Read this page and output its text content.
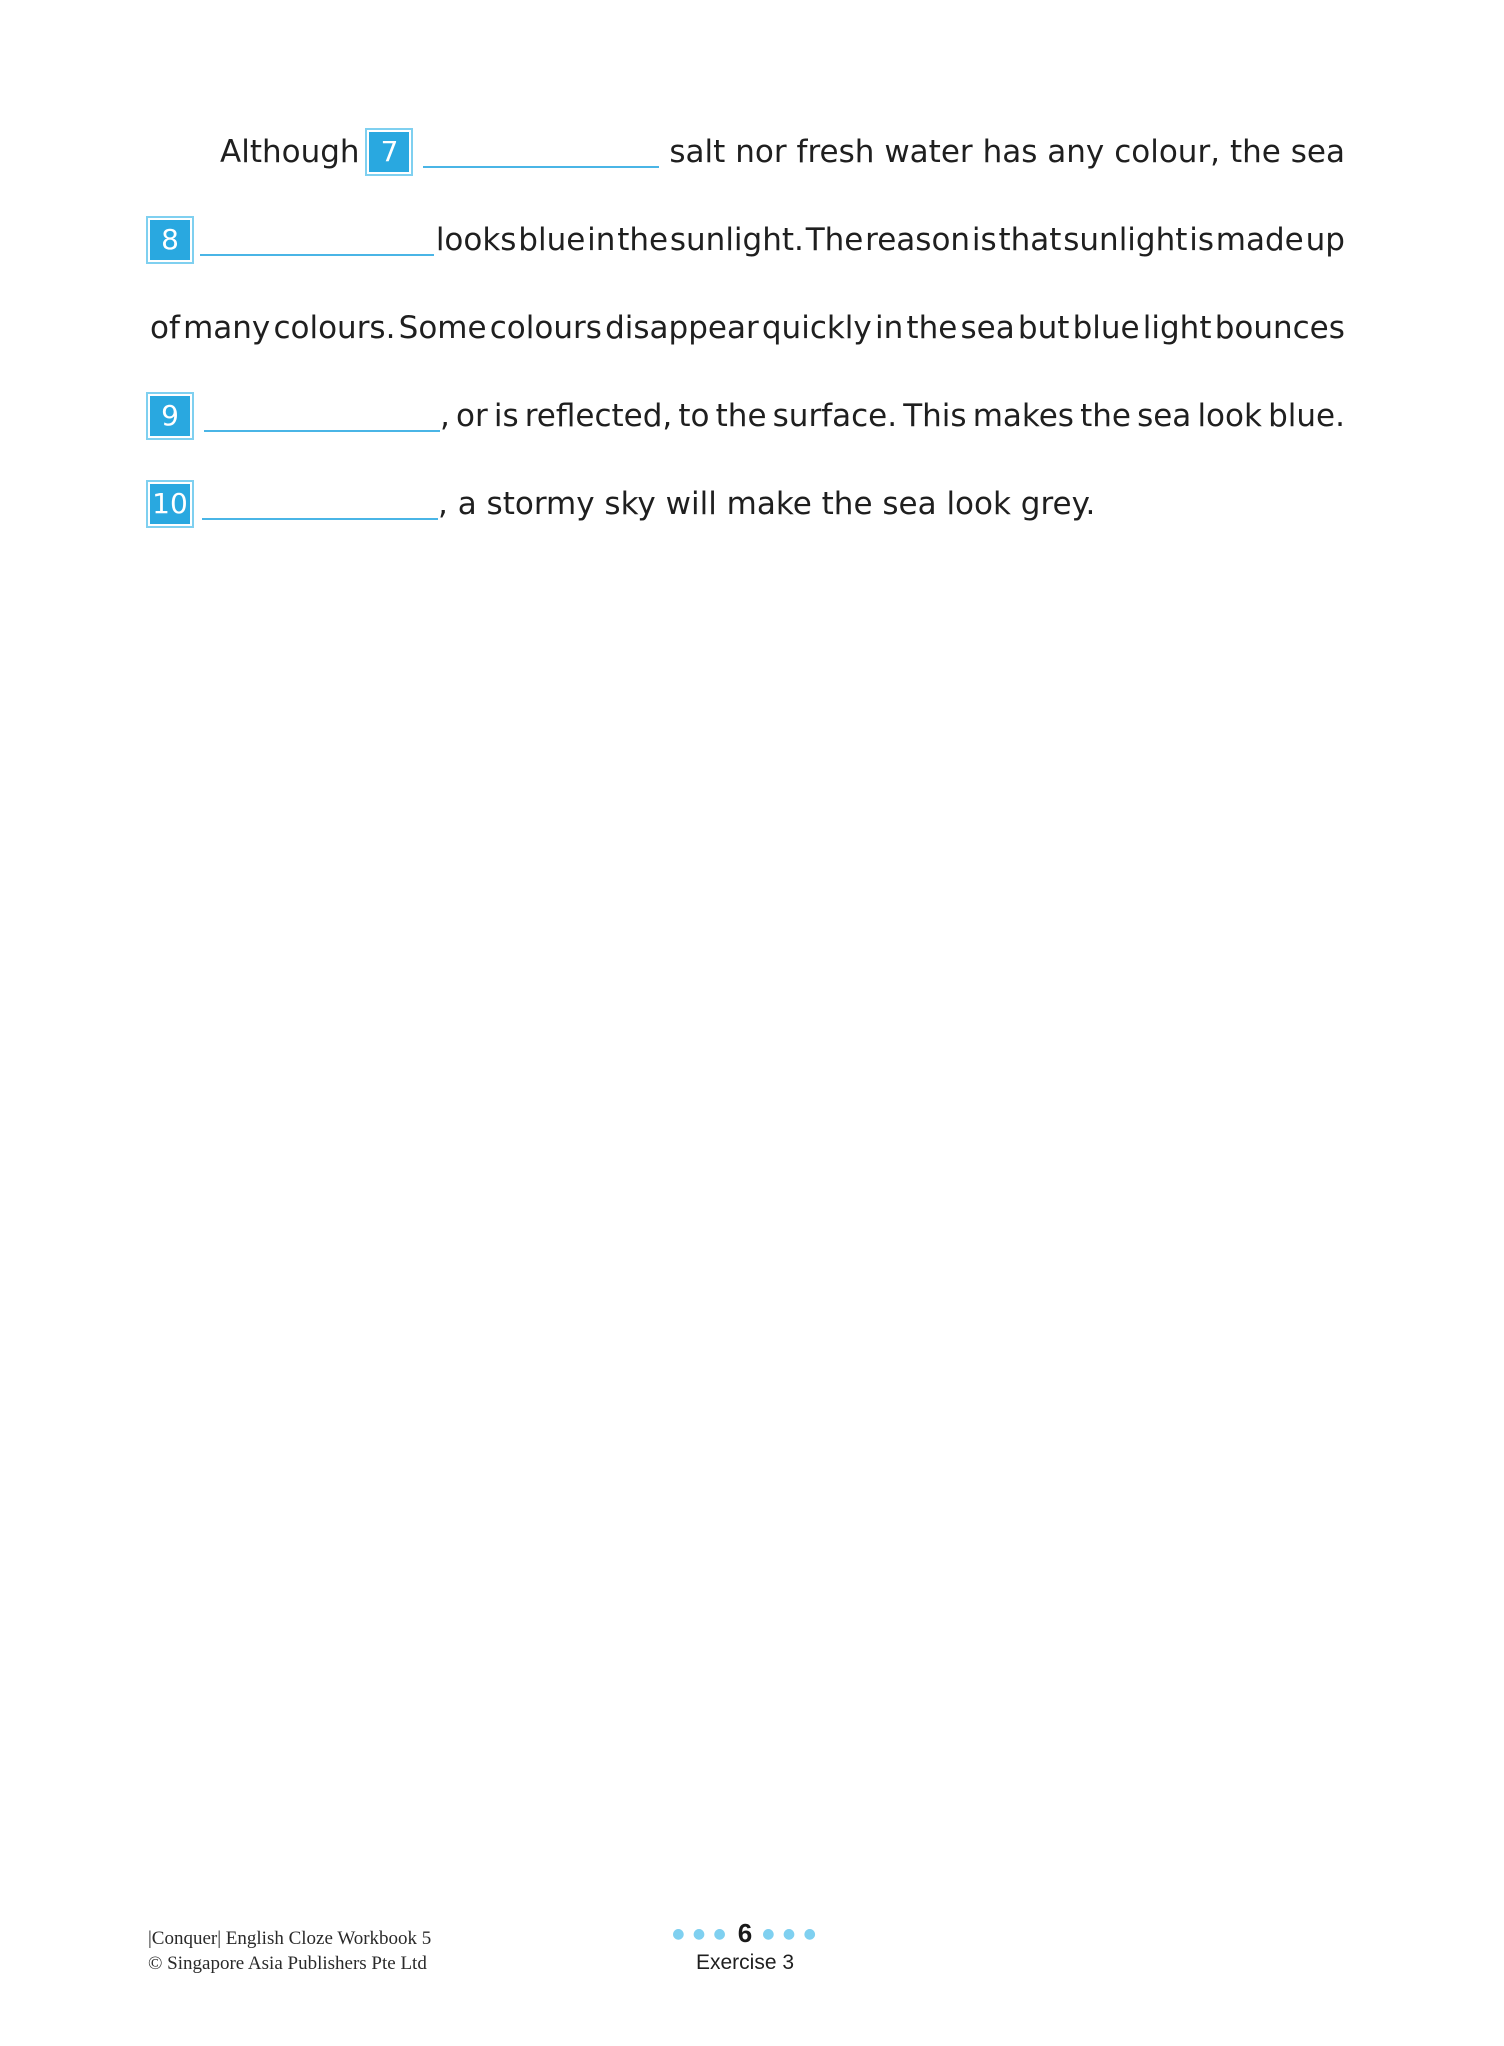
Although 7	salt nor fresh water has any colour, the sea
8	looks blue in the sunlight. The reason is that sunlight is made up
of many colours. Some colours disappear quickly in the sea but blue light bounces
9	, or is reflected, to the surface. This makes the sea look blue.
10	, a stormy sky will make the sea look grey.
|Conquer| English Cloze Workbook 5
© Singapore Asia Publishers Pte Ltd
● ● ● 6 ● ● ●
Exercise 3
